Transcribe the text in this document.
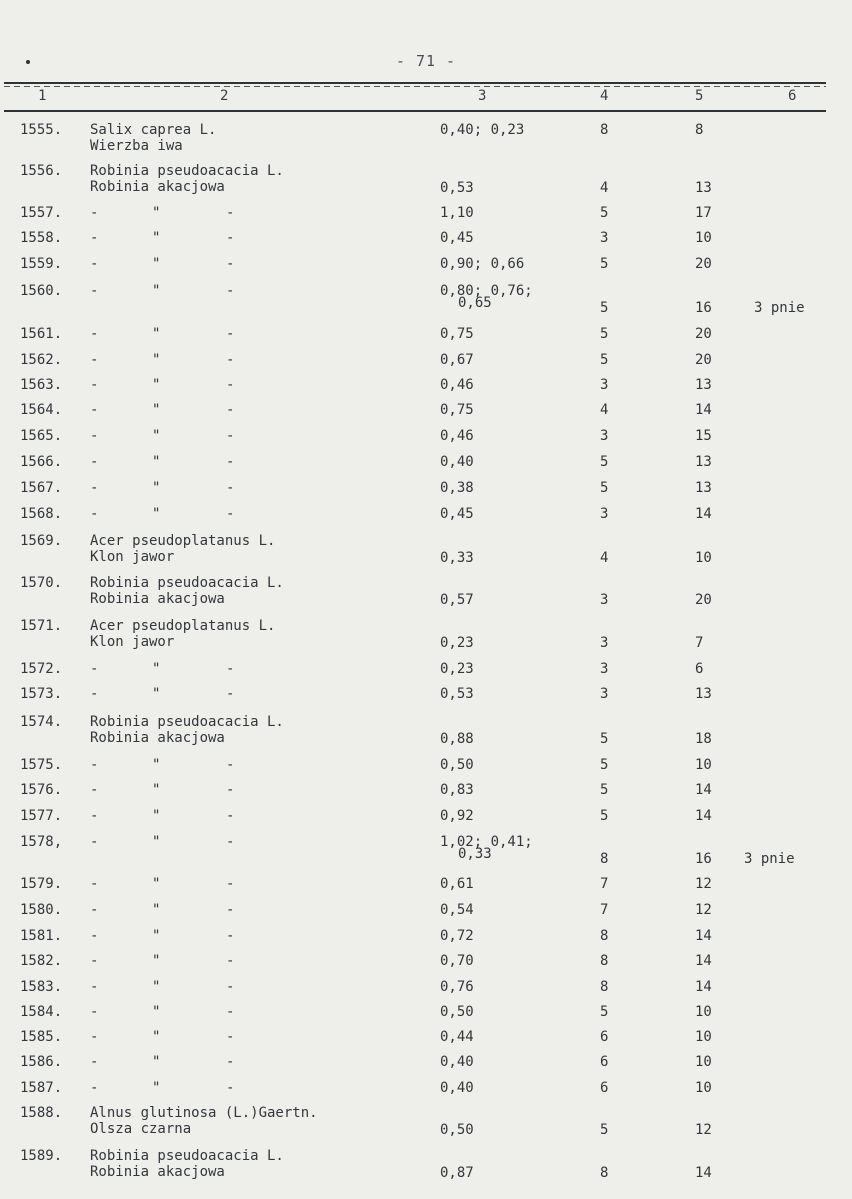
- 71 -
1	2	3	4	5	6
1555. Salix caprea L.
Wierzba iwa
0,40; 0,23	8	8
1556. Robinia pseudoacacia L.
Robinia akacjowa	0,53	4	13
1557. -	"	-	1,10	5	17
1558. -	"	-	0,45	3	10
1559. -	"	-	0,90; 0,66	5	20
1560. -	"	-	0,80; 0,76;
0,65	5	16	3 pnie
1561. -	"	-	0,75	5	20
1562. -	"	-	0,67	5	20
1563. -	"	-	0,46	3	13
1564. -	"	-	0,75	4	14
1565. -	"	-	0,46	3	15
1566. -	"	-	0,40	5	13
1567. -	"	-	0,38	5	13
1568. -	"	-	0,45	3	14
1569. Acer pseudoplatanus L.
Klon jawor	0,33	4	10
1570. Robinia pseudoacacia L.
Robinia akacjowa	0,57	3	20
1571. Acer pseudoplatanus L.
Klon jawor	0,23	3	7
1572. -	"	-	0,23	3	6
1573. -	"	-	0,53	3	13
1574. Robinia pseudoacacia L.
Robinia akacjowa	0,88	5	18
1575. -	"	-	0,50	5	10
1576. -	"	-	0,83	5	14
1577. -	"	-	0,92	5	14
1578, -	"	-	1,02; 0,41;
0,33	8	16 3 pnie
1579. -	"	-	0,61	7	12
1580. -	"	-	0,54	7	12
1581. -	"	-	0,72	8	14
1582. -	"	-	0,70	8	14
1583. -	"	-	0,76	8	14
1584. -	"	-	0,50	5	10
1585. -	"	-	0,44	6	10
1586. -	"	-	0,40	6	10
1587. -	"	-	0,40	6	10
1588. Alnus glutinosa (L.)Gaertn.
Olsza czarna	0,50	5	12
1589. Robinia pseudoacacia L.
Robinia akacjowa	0,87	8	14
